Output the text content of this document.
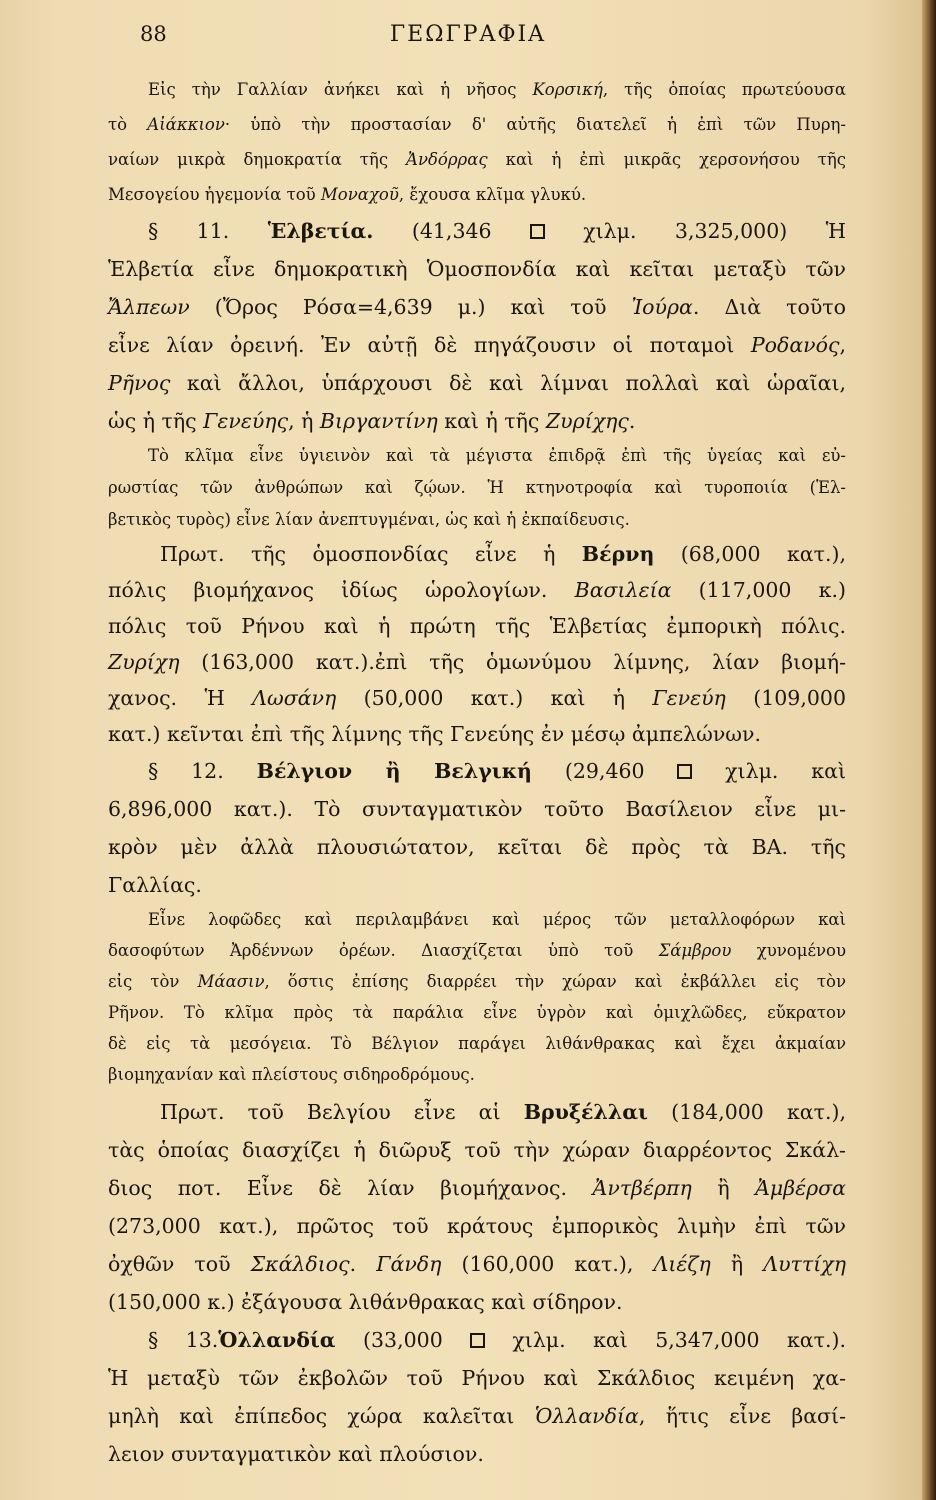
ΓΕΩΓΡΑΦΙΑ
88
Εἰς τὴν Γαλλίαν ἀνήκει καὶ ἡ νῆσος Κορσική, τῆς ὁποίας πρωτεύουσα
τὸ Αἰάκκιον· ὑπὸ τὴν προστασίαν δ' αὐτῆς διατελεῖ ἡ ἐπὶ τῶν Πυρη-
ναίων μικρὰ δημοκρατία τῆς Ἀνδόρρας καὶ ἡ ἐπὶ μικρᾶς χερσονήσου τῆς
Μεσογείου ἡγεμονία τοῦ Μοναχοῦ, ἔχουσα κλῖμα γλυκύ.
§ 11. Ἑλβετία. (41,346  χιλμ. 3,325,000) Ἡ
Ἑλβετία εἶνε δημοκρατικὴ Ὁμοσπονδία καὶ κεῖται μεταξὺ τῶν
Ἄλπεων (Ὄρος Ρόσα=4,639 μ.) καὶ τοῦ Ἰούρα. Διὰ τοῦτο
εἶνε λίαν ὀρεινή. Ἐν αὐτῇ δὲ πηγάζουσιν οἱ ποταμοὶ Ροδανός,
Ρῆνος καὶ ἄλλοι, ὑπάρχουσι δὲ καὶ λίμναι πολλαὶ καὶ ὡραῖαι,
ὡς ἡ τῆς Γενεύης, ἡ Βιργαντίνη καὶ ἡ τῆς Ζυρίχης.
Τὸ κλῖμα εἶνε ὑγιεινὸν καὶ τὰ μέγιστα ἐπιδρᾷ ἐπὶ τῆς ὑγείας καὶ εὐ-
ρωστίας τῶν ἀνθρώπων καὶ ζῴων. Ἡ κτηνοτροφία καὶ τυροποιία (Ἑλ-
βετικὸς τυρὸς) εἶνε λίαν ἀνεπτυγμέναι, ὡς καὶ ἡ ἐκπαίδευσις.
Πρωτ. τῆς ὁμοσπονδίας εἶνε ἡ Βέρνη (68,000 κατ.),
πόλις βιομήχανος ἰδίως ὡρολογίων. Βασιλεία (117,000 κ.)
πόλις τοῦ Ρήνου καὶ ἡ πρώτη τῆς Ἑλβετίας ἐμπορικὴ πόλις.
Ζυρίχη (163,000 κατ.).ἐπὶ τῆς ὁμωνύμου λίμνης, λίαν βιομή-
χανος. Ἡ Λωσάνη (50,000 κατ.) καὶ ἡ Γενεύη (109,000
κατ.) κεῖνται ἐπὶ τῆς λίμνης τῆς Γενεύης ἐν μέσῳ ἀμπελώνων.
§ 12. Βέλγιον ἢ Βελγική (29,460  χιλμ. καὶ
6,896,000 κατ.). Τὸ συνταγματικὸν τοῦτο Βασίλειον εἶνε μι-
κρὸν μὲν ἀλλὰ πλουσιώτατον, κεῖται δὲ πρὸς τὰ ΒΑ. τῆς
Γαλλίας.
Εἶνε λοφῶδες καὶ περιλαμβάνει καὶ μέρος τῶν μεταλλοφόρων καὶ
δασοφύτων Ἀρδέννων ὀρέων. Διασχίζεται ὑπὸ τοῦ Σάμβρου χυνομένου
εἰς τὸν Μάασιν, ὅστις ἐπίσης διαρρέει τὴν χώραν καὶ ἐκβάλλει εἰς τὸν
Ρῆνον. Τὸ κλῖμα πρὸς τὰ παράλια εἶνε ὑγρὸν καὶ ὁμιχλῶδες, εὔκρατον
δὲ εἰς τὰ μεσόγεια. Τὸ Βέλγιον παράγει λιθάνθρακας καὶ ἔχει ἀκμαίαν
βιομηχανίαν καὶ πλείστους σιδηροδρόμους.
Πρωτ. τοῦ Βελγίου εἶνε αἱ Βρυξέλλαι (184,000 κατ.),
τὰς ὁποίας διασχίζει ἡ διῶρυξ τοῦ τὴν χώραν διαρρέοντος Σκάλ-
διος ποτ. Εἶνε δὲ λίαν βιομήχανος. Ἀντβέρπη ἢ Ἀμβέρσα
(273,000 κατ.), πρῶτος τοῦ κράτους ἐμπορικὸς λιμὴν ἐπὶ τῶν
ὀχθῶν τοῦ Σκάλδιος. Γάνδη (160,000 κατ.), Λιέζη ἢ Λυττίχη
(150,000 κ.) ἐξάγουσα λιθάνθρακας καὶ σίδηρον.
§ 13.Ὁλλανδία (33,000  χιλμ. καὶ 5,347,000 κατ.).
Ἡ μεταξὺ τῶν ἐκβολῶν τοῦ Ρήνου καὶ Σκάλδιος κειμένη χα-
μηλὴ καὶ ἐπίπεδος χώρα καλεῖται Ὁλλανδία, ἥτις εἶνε βασί-
λειον συνταγματικὸν καὶ πλούσιον.
